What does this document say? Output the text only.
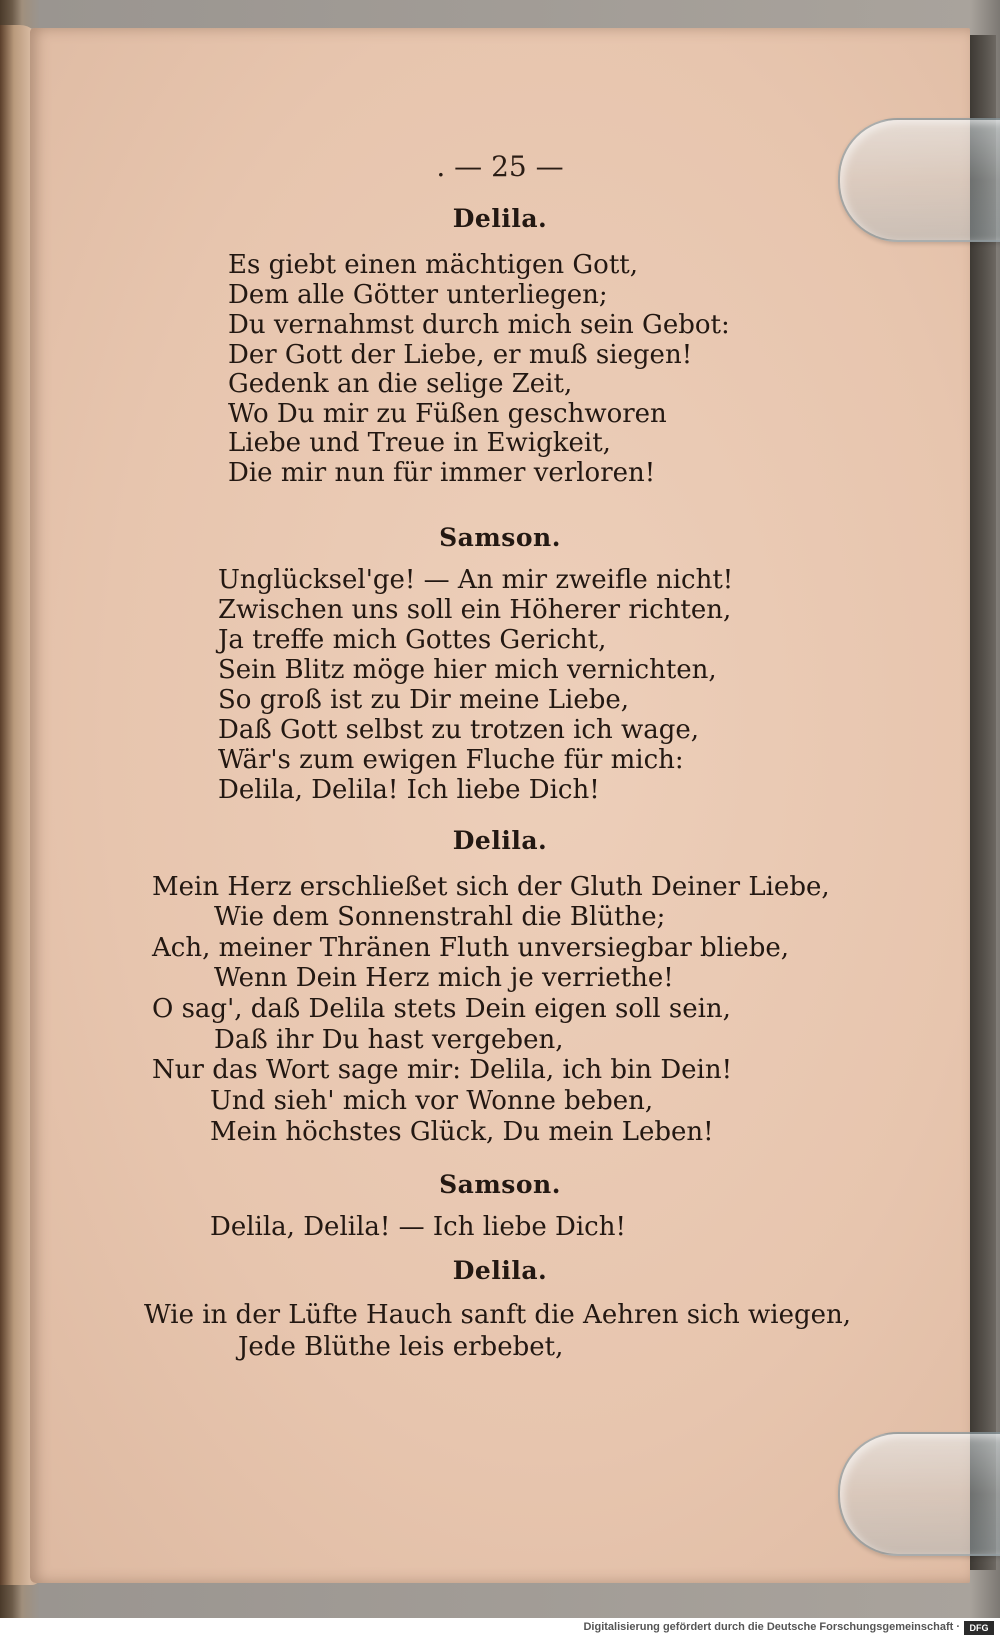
. — 25 —
Delila.
Es giebt einen mächtigen Gott,
Dem alle Götter unterliegen;
Du vernahmst durch mich sein Gebot:
Der Gott der Liebe, er muß siegen!
Gedenk an die selige Zeit,
Wo Du mir zu Füßen geschworen
Liebe und Treue in Ewigkeit,
Die mir nun für immer verloren!
Samson.
Unglücksel'ge! — An mir zweifle nicht!
Zwischen uns soll ein Höherer richten,
Ja treffe mich Gottes Gericht,
Sein Blitz möge hier mich vernichten,
So groß ist zu Dir meine Liebe,
Daß Gott selbst zu trotzen ich wage,
Wär's zum ewigen Fluche für mich:
Delila, Delila! Ich liebe Dich!
Delila.
Mein Herz erschließet sich der Gluth Deiner Liebe,
Wie dem Sonnenstrahl die Blüthe;
Ach, meiner Thränen Fluth unversiegbar bliebe,
Wenn Dein Herz mich je verriethe!
O sag', daß Delila stets Dein eigen soll sein,
Daß ihr Du hast vergeben,
Nur das Wort sage mir: Delila, ich bin Dein!
Und sieh' mich vor Wonne beben,
Mein höchstes Glück, Du mein Leben!
Samson.
Delila, Delila! — Ich liebe Dich!
Delila.
Wie in der Lüfte Hauch sanft die Aehren sich wiegen,
Jede Blüthe leis erbebet,
Digitalisierung gefördert durch die Deutsche Forschungsgemeinschaft ·	DFG
